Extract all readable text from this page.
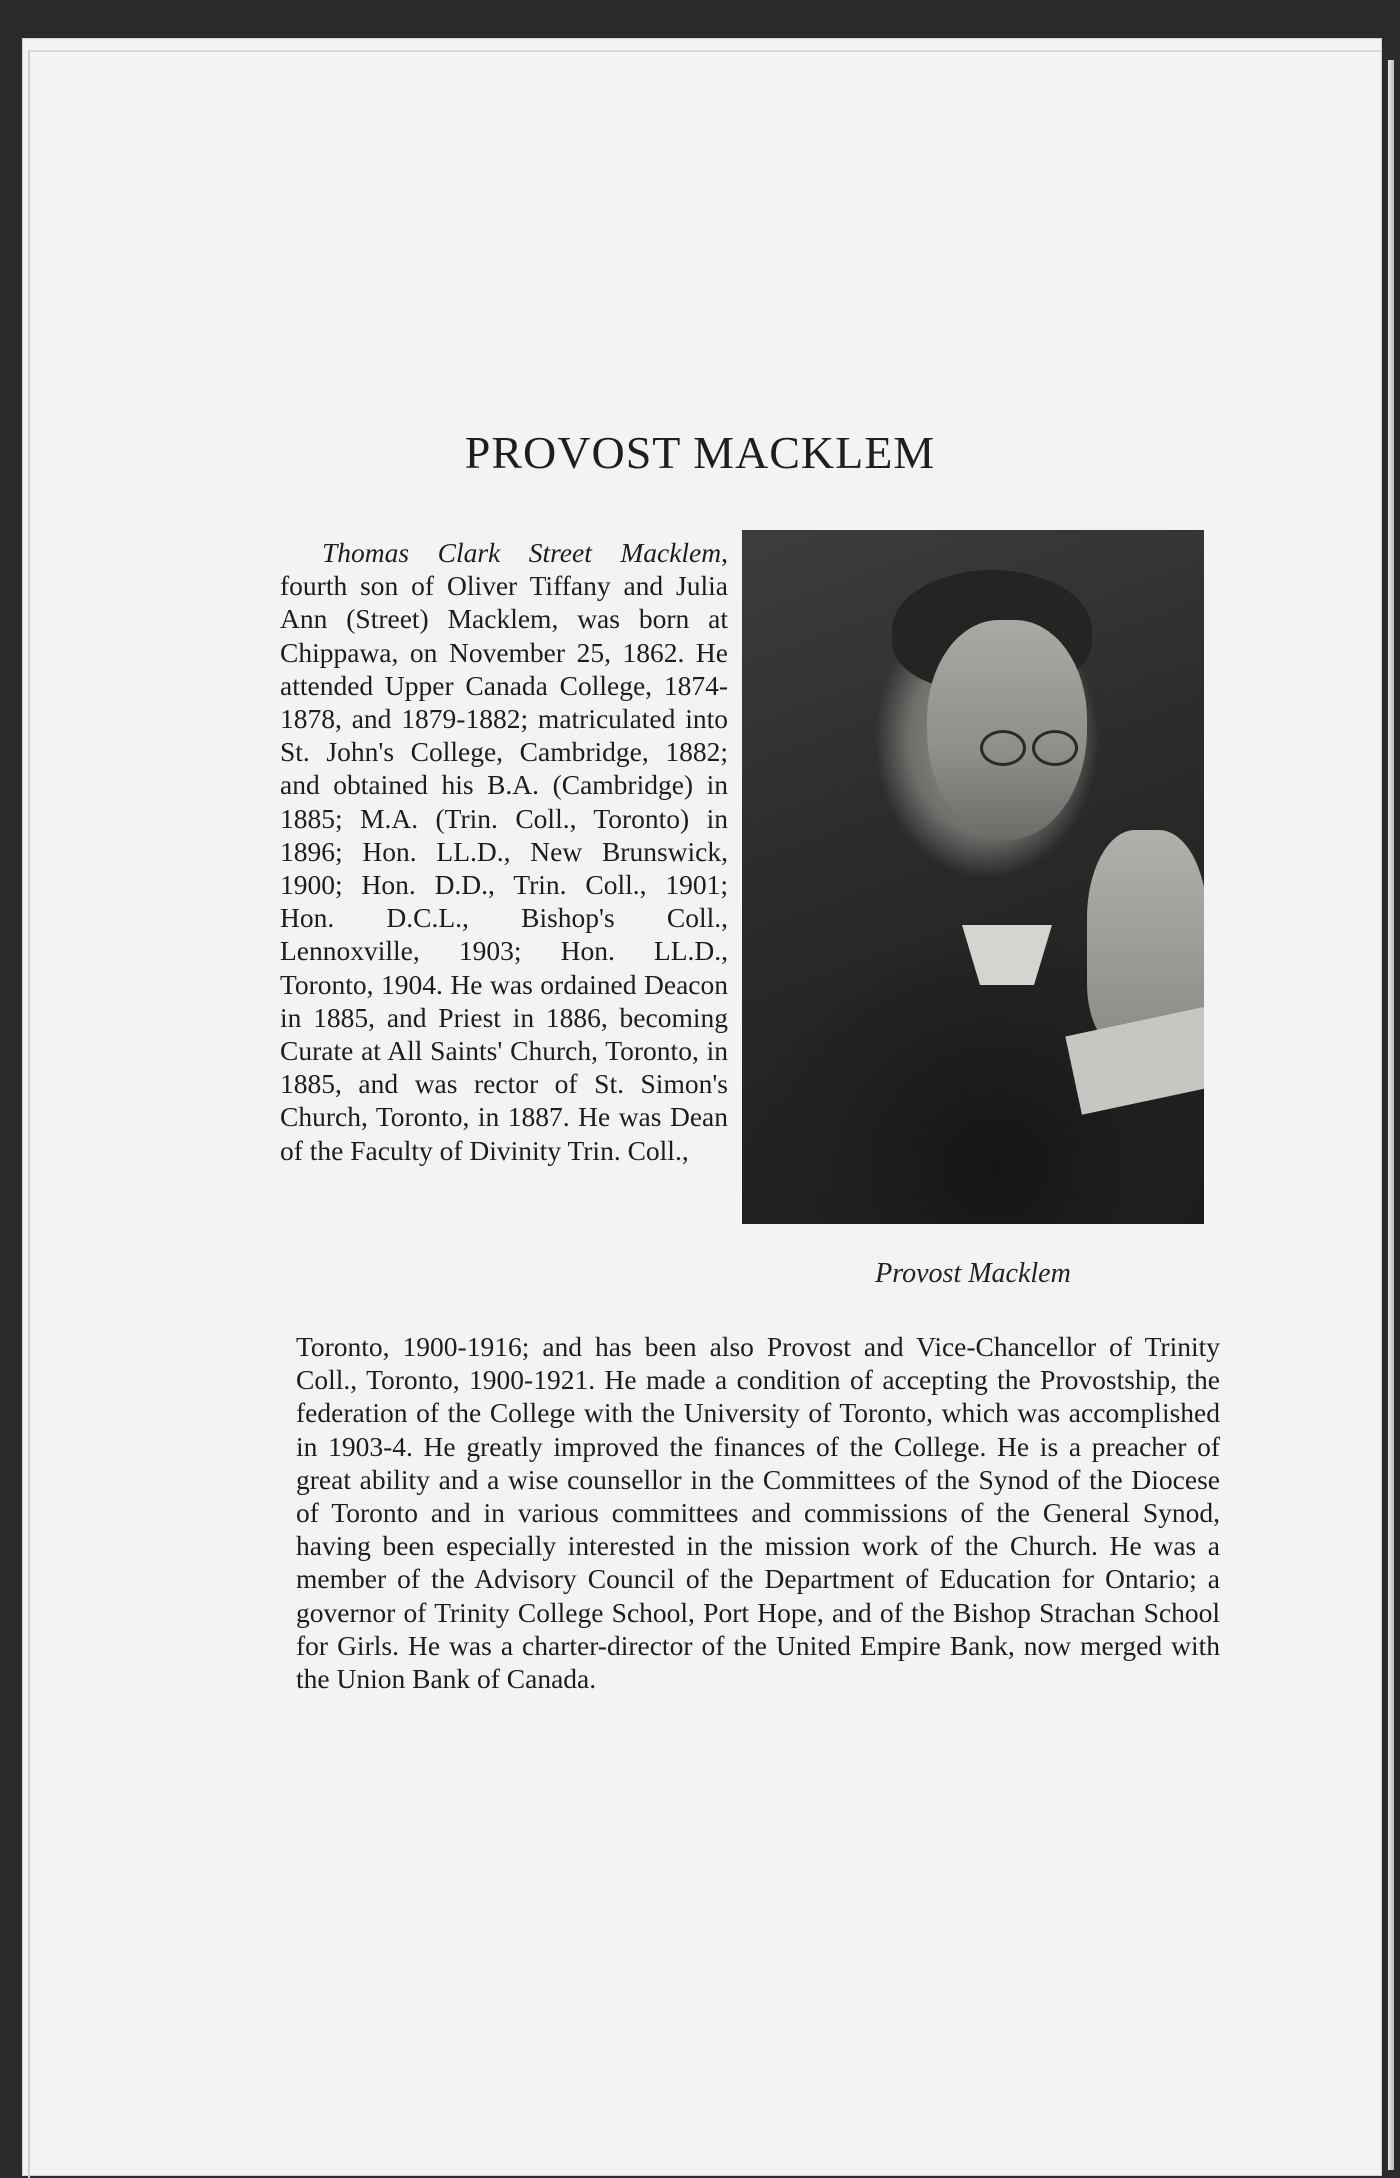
PROVOST MACKLEM

Provost Macklem

Thomas Clark Street Macklem, fourth son of Oliver Tiffany and Julia Ann (Street) Macklem, was born at Chippawa, on November 25, 1862. He attended Upper Canada College, 1874-1878, and 1879-1882; matriculated into St. John's College, Cambridge, 1882; and obtained his B.A. (Cambridge) in 1885; M.A. (Trin. Coll., Toronto) in 1896; Hon. LL.D., New Brunswick, 1900; Hon. D.D., Trin. Coll., 1901; Hon. D.C.L., Bishop's Coll., Lennoxville, 1903; Hon. LL.D., Toronto, 1904. He was ordained Deacon in 1885, and Priest in 1886, becoming Curate at All Saints' Church, Toronto, in 1885, and was rector of St. Simon's Church, Toronto, in 1887. He was Dean of the Faculty of Divinity Trin. Coll.,

Toronto, 1900-1916; and has been also Provost and Vice-Chancellor of Trinity Coll., Toronto, 1900-1921. He made a condition of accepting the Provostship, the federation of the College with the University of Toronto, which was accomplished in 1903-4. He greatly improved the finances of the College. He is a preacher of great ability and a wise counsellor in the Committees of the Synod of the Diocese of Toronto and in various committees and commissions of the General Synod, having been especially interested in the mission work of the Church. He was a member of the Advisory Council of the Department of Education for Ontario; a governor of Trinity College School, Port Hope, and of the Bishop Strachan School for Girls. He was a charter-director of the United Empire Bank, now merged with the Union Bank of Canada.
